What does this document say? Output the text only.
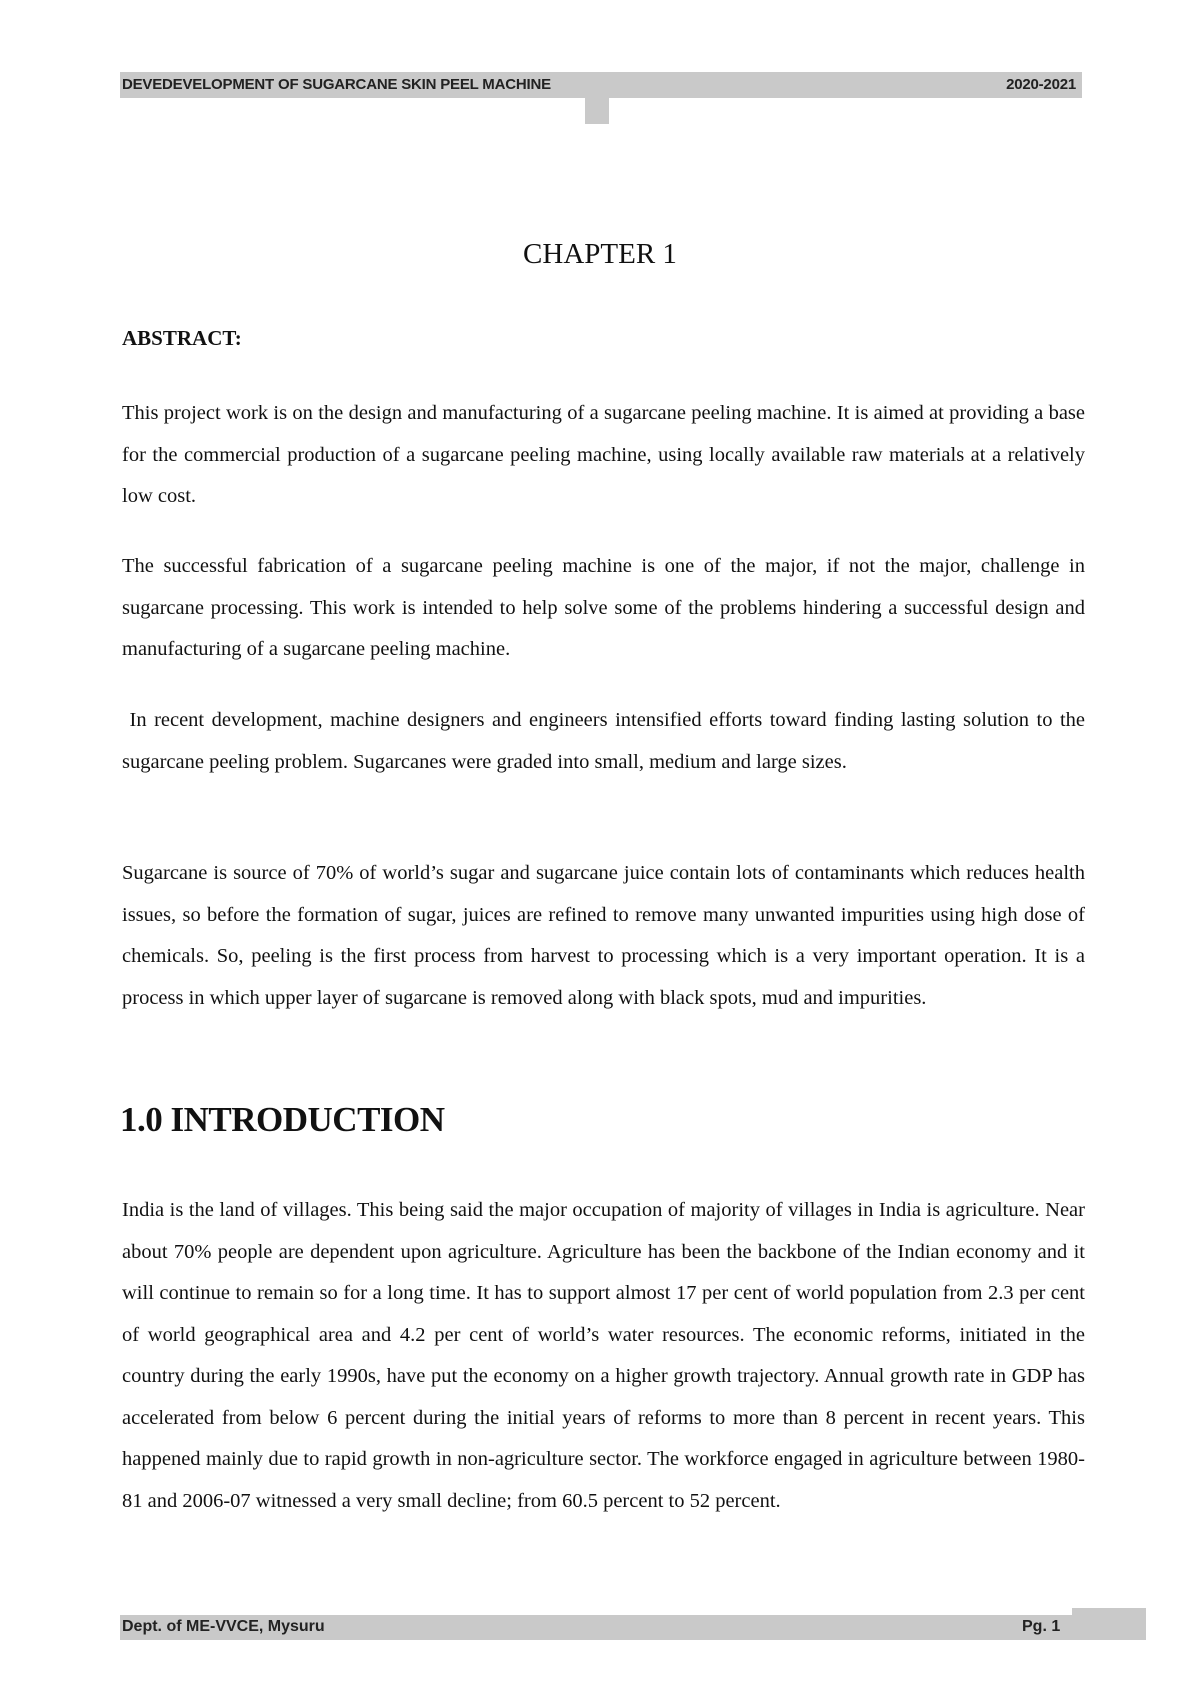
DEVEDEVELOPMENT OF SUGARCANE SKIN PEEL MACHINE	2020-2021
CHAPTER 1
ABSTRACT:

This project work is on the design and manufacturing of a sugarcane peeling machine. It is aimed at providing a base for the commercial production of a sugarcane peeling machine, using locally available raw materials at a relatively low cost.

The successful fabrication of a sugarcane peeling machine is one of the major, if not the major, challenge in sugarcane processing. This work is intended to help solve some of the problems hindering a successful design and manufacturing of a sugarcane peeling machine.

In recent development, machine designers and engineers intensified efforts toward finding lasting solution to the sugarcane peeling problem. Sugarcanes were graded into small, medium and large sizes.

Sugarcane is source of 70% of world’s sugar and sugarcane juice contain lots of contaminants which reduces health issues, so before the formation of sugar, juices are refined to remove many unwanted impurities using high dose of chemicals. So, peeling is the first process from harvest to processing which is a very important operation. It is a process in which upper layer of sugarcane is removed along with black spots, mud and impurities.

1.0 INTRODUCTION

India is the land of villages. This being said the major occupation of majority of villages in India is agriculture. Near about 70% people are dependent upon agriculture. Agriculture has been the backbone of the Indian economy and it will continue to remain so for a long time. It has to support almost 17 per cent of world population from 2.3 per cent of world geographical area and 4.2 per cent of world’s water resources. The economic reforms, initiated in the country during the early 1990s, have put the economy on a higher growth trajectory. Annual growth rate in GDP has accelerated from below 6 percent during the initial years of reforms to more than 8 percent in recent years. This happened mainly due to rapid growth in non-agriculture sector. The workforce engaged in agriculture between 1980-81 and 2006-07 witnessed a very small decline; from 60.5 percent to 52 percent.

Dept. of ME-VVCE, Mysuru	Pg. 1
